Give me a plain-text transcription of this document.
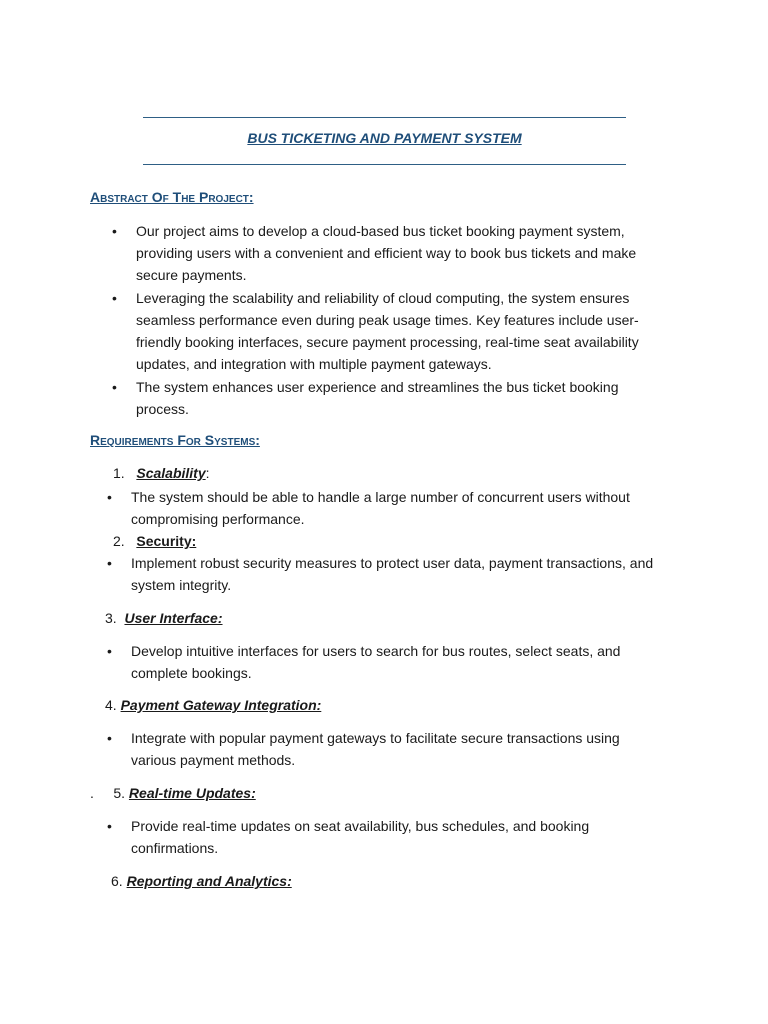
BUS TICKETING AND PAYMENT SYSTEM
Abstract Of The Project:
• Our project aims to develop a cloud-based bus ticket booking payment system, providing users with a convenient and efficient way to book bus tickets and make secure payments.
• Leveraging the scalability and reliability of cloud computing, the system ensures seamless performance even during peak usage times. Key features include user-friendly booking interfaces, secure payment processing, real-time seat availability updates, and integration with multiple payment gateways.
• The system enhances user experience and streamlines the bus ticket booking process.
Requirements For Systems:
1. Scalability:
• The system should be able to handle a large number of concurrent users without compromising performance.
2. Security:
• Implement robust security measures to protect user data, payment transactions, and system integrity.
3. User Interface:
• Develop intuitive interfaces for users to search for bus routes, select seats, and complete bookings.
4. Payment Gateway Integration:
• Integrate with popular payment gateways to facilitate secure transactions using various payment methods.
. 5. Real-time Updates:
• Provide real-time updates on seat availability, bus schedules, and booking confirmations.
6. Reporting and Analytics:
